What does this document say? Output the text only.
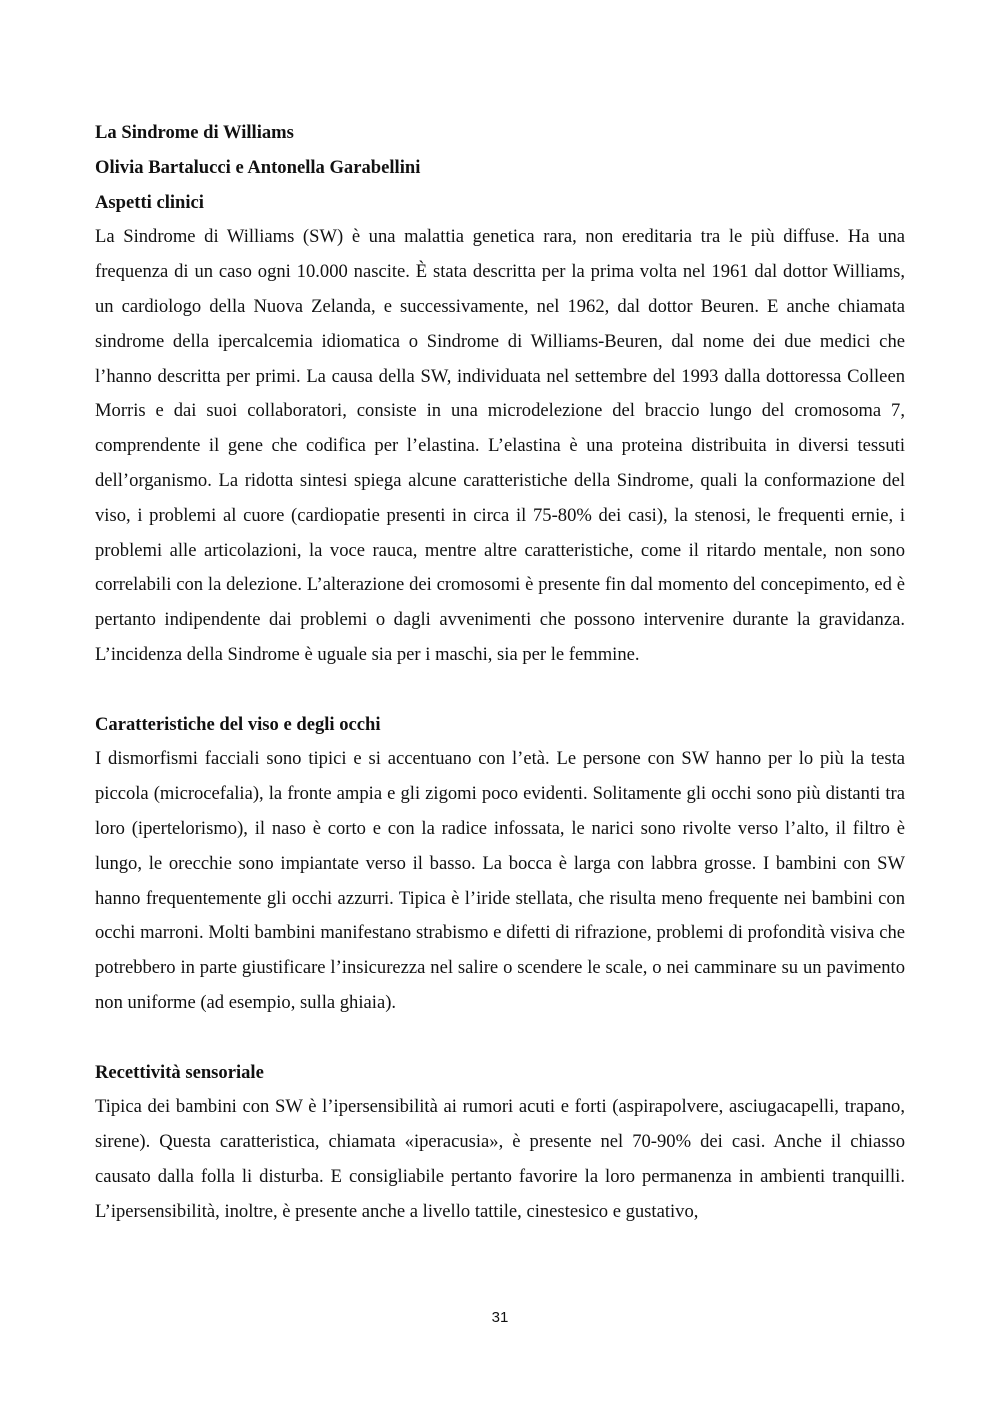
La Sindrome di Williams

Olivia Bartalucci e Antonella Garabellini

Aspetti clinici

La Sindrome di Williams (SW) è una malattia genetica rara, non ereditaria tra le più diffuse. Ha una frequenza di un caso ogni 10.000 nascite. È stata descritta per la prima volta nel 1961 dal dottor Williams, un cardiologo della Nuova Zelanda, e successivamente, nel 1962, dal dottor Beuren. E anche chiamata sindrome della ipercalcemia idiomatica o Sindrome di Williams-Beuren, dal nome dei due medici che l’hanno descritta per primi. La causa della SW, individuata nel settembre del 1993 dalla dottoressa Colleen Morris e dai suoi collaboratori, consiste in una microdelezione del braccio lungo del cromosoma 7, comprendente il gene che codifica per l’elastina. L’elastina è una proteina distribuita in diversi tessuti dell’organismo. La ridotta sintesi spiega alcune caratteristiche della Sindrome, quali la conformazione del viso, i problemi al cuore (cardiopatie presenti in circa il 75-80% dei casi), la stenosi, le frequenti ernie, i problemi alle articolazioni, la voce rauca, mentre altre caratteristiche, come il ritardo mentale, non sono correlabili con la delezione. L’alterazione dei cromosomi è presente fin dal momento del concepimento, ed è pertanto indipendente dai problemi o dagli avvenimenti che possono intervenire durante la gravidanza. L’incidenza della Sindrome è uguale sia per i maschi, sia per le femmine.

Caratteristiche del viso e degli occhi

I dismorfismi facciali sono tipici e si accentuano con l’età. Le persone con SW hanno per lo più la testa piccola (microcefalia), la fronte ampia e gli zigomi poco evidenti. Solitamente gli occhi sono più distanti tra loro (ipertelorismo), il naso è corto e con la radice infossata, le narici sono rivolte verso l’alto, il filtro è lungo, le orecchie sono impiantate verso il basso. La bocca è larga con labbra grosse. I bambini con SW hanno frequentemente gli occhi azzurri. Tipica è l’iride stellata, che risulta meno frequente nei bambini con occhi marroni. Molti bambini manifestano strabismo e difetti di rifrazione, problemi di profondità visiva che potrebbero in parte giustificare l’insicurezza nel salire o scendere le scale, o nei camminare su un pavimento non uniforme (ad esempio, sulla ghiaia).

Recettività sensoriale

Tipica dei bambini con SW è l’ipersensibilità ai rumori acuti e forti (aspirapolvere, asciugacapelli, trapano, sirene). Questa caratteristica, chiamata «iperacusia», è presente nel 70-90% dei casi. Anche il chiasso causato dalla folla li disturba. E consigliabile pertanto favorire la loro permanenza in ambienti tranquilli. L’ipersensibilità, inoltre, è presente anche a livello tattile, cinestesico e gustativo,

31
